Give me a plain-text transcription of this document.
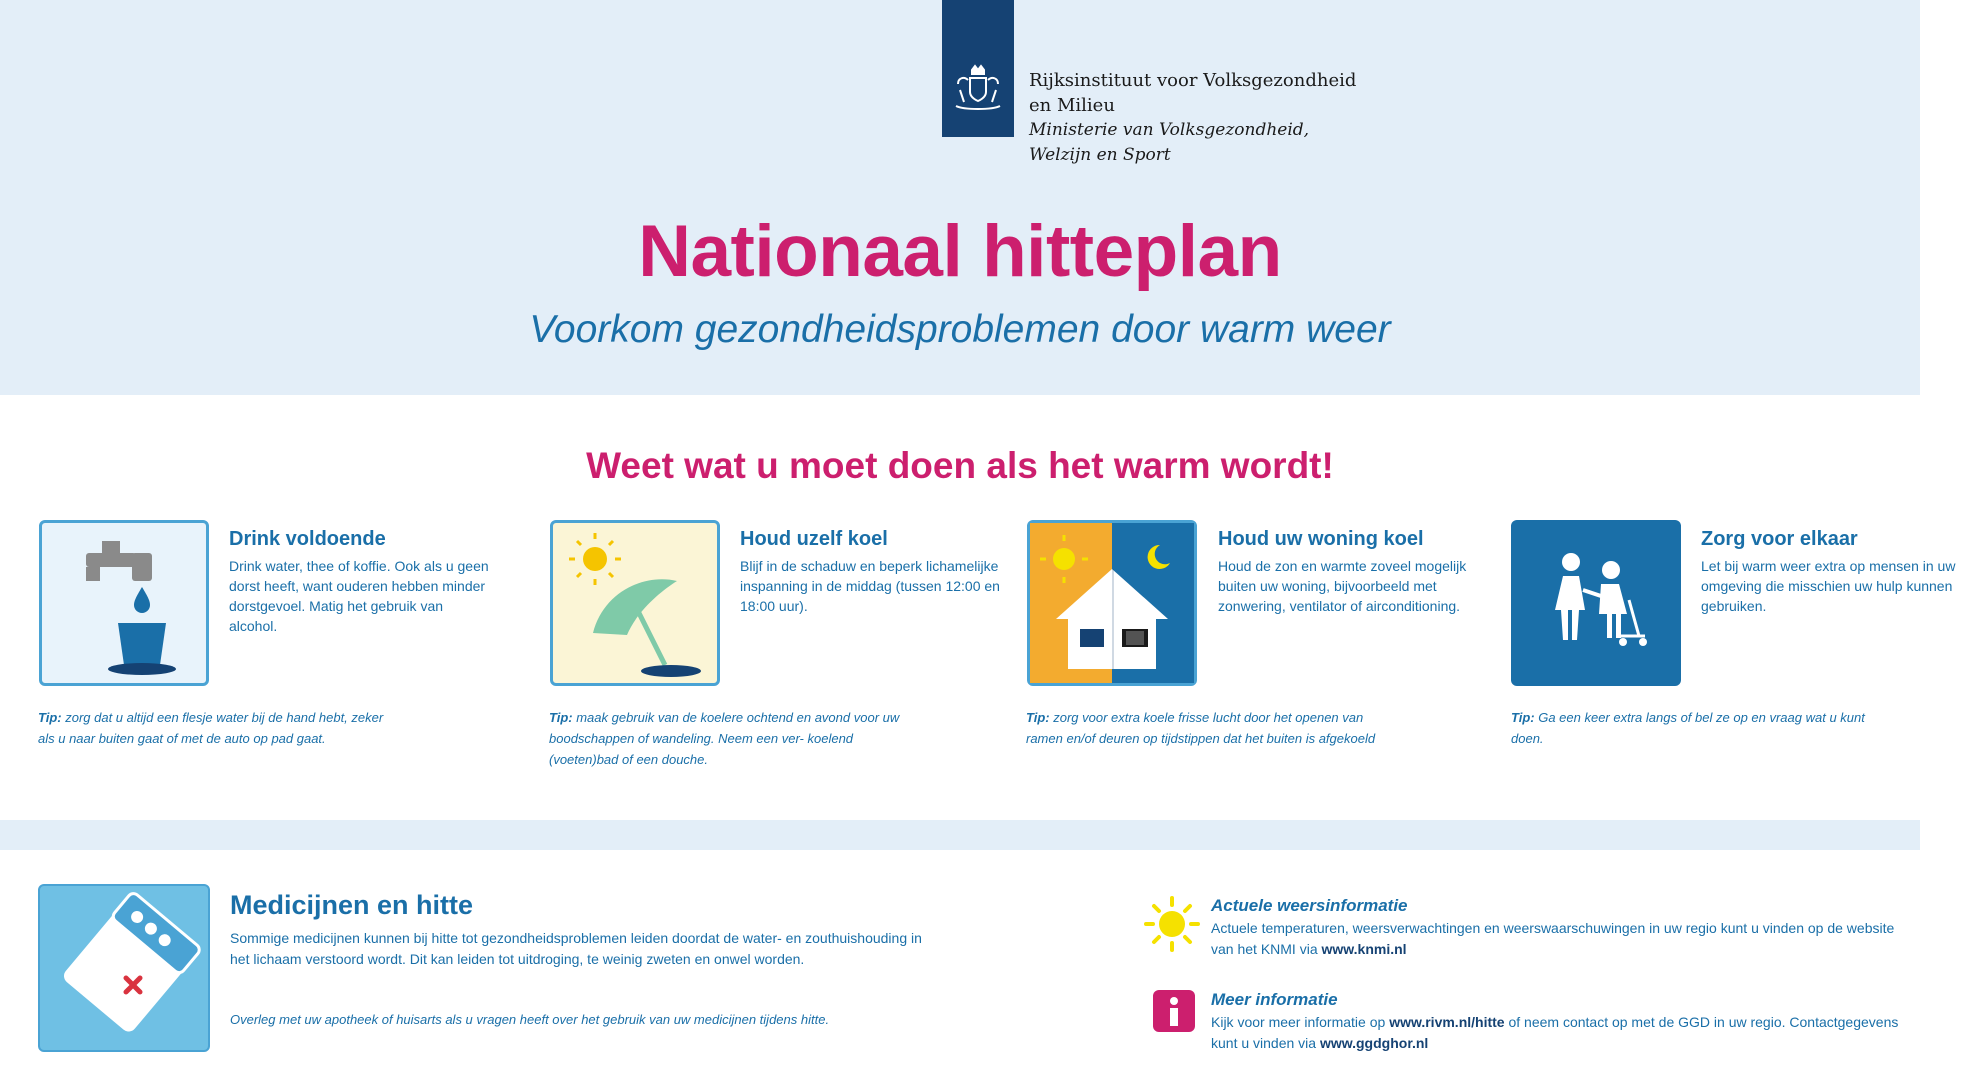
Rijksinstituut voor Volksgezondheid
en Milieu
Ministerie van Volksgezondheid,
Welzijn en Sport
Nationaal hitteplan
Voorkom gezondheidsproblemen door warm weer
Weet wat u moet doen als het warm wordt!
Drink voldoende
Drink water, thee of koffie. Ook als u geen dorst heeft, want ouderen hebben minder dorstgevoel. Matig het gebruik van alcohol.
Tip: zorg dat u altijd een flesje water bij de hand hebt, zeker als u naar buiten gaat of met de auto op pad gaat.
Houd uzelf koel
Blijf in de schaduw en beperk lichamelijke inspanning in de middag (tussen 12:00 en 18:00 uur).
Tip: maak gebruik van de koelere ochtend en avond voor uw boodschappen of wandeling. Neem een ver- koelend (voeten)bad of een douche.
Houd uw woning koel
Houd de zon en warmte zoveel mogelijk buiten uw woning, bijvoorbeeld met zonwering, ventilator of airconditioning.
Tip: zorg voor extra koele frisse lucht door het openen van ramen en/of deuren op tijdstippen dat het buiten is afgekoeld
Zorg voor elkaar
Let bij warm weer extra op mensen in uw omgeving die misschien uw hulp kunnen gebruiken.
Tip: Ga een keer extra langs of bel ze op en vraag wat u kunt doen.
Medicijnen en hitte
Sommige medicijnen kunnen bij hitte tot gezondheidsproblemen leiden doordat de water- en zouthuishouding in het lichaam verstoord wordt. Dit kan leiden tot uitdroging, te weinig zweten en onwel worden.
Overleg met uw apotheek of huisarts als u vragen heeft over het gebruik van uw medicijnen tijdens hitte.
Actuele weersinformatie
Actuele temperaturen, weersverwachtingen en weerswaarschuwingen in uw regio kunt u vinden op de website van het KNMI via www.knmi.nl
Meer informatie
Kijk voor meer informatie op www.rivm.nl/hitte of neem contact op met de GGD in uw regio. Contactgegevens kunt u vinden via www.ggdghor.nl
